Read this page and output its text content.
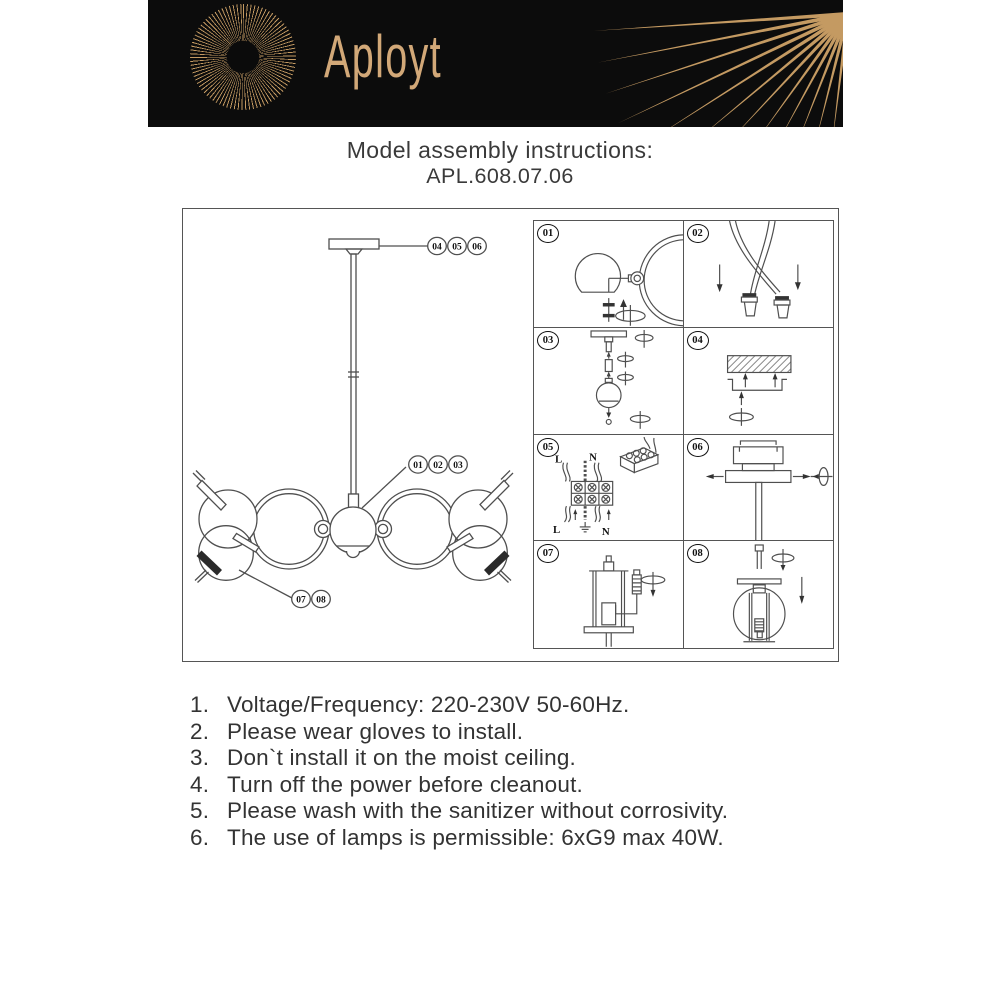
Aployt
Model assembly instructions:
APL.608.07.06
04 05 06
01 02 03
07 08
01	02
03	04
05
L N
L	N
06
07	08
1. Voltage/Frequency: 220-230V 50-60Hz.
2. Please wear gloves to install.
3. Don`t install it on the moist ceiling.
4. Turn off the power before cleanout.
5. Please wash with the sanitizer without corrosivity.
6. The use of lamps is permissible: 6xG9 max 40W.
